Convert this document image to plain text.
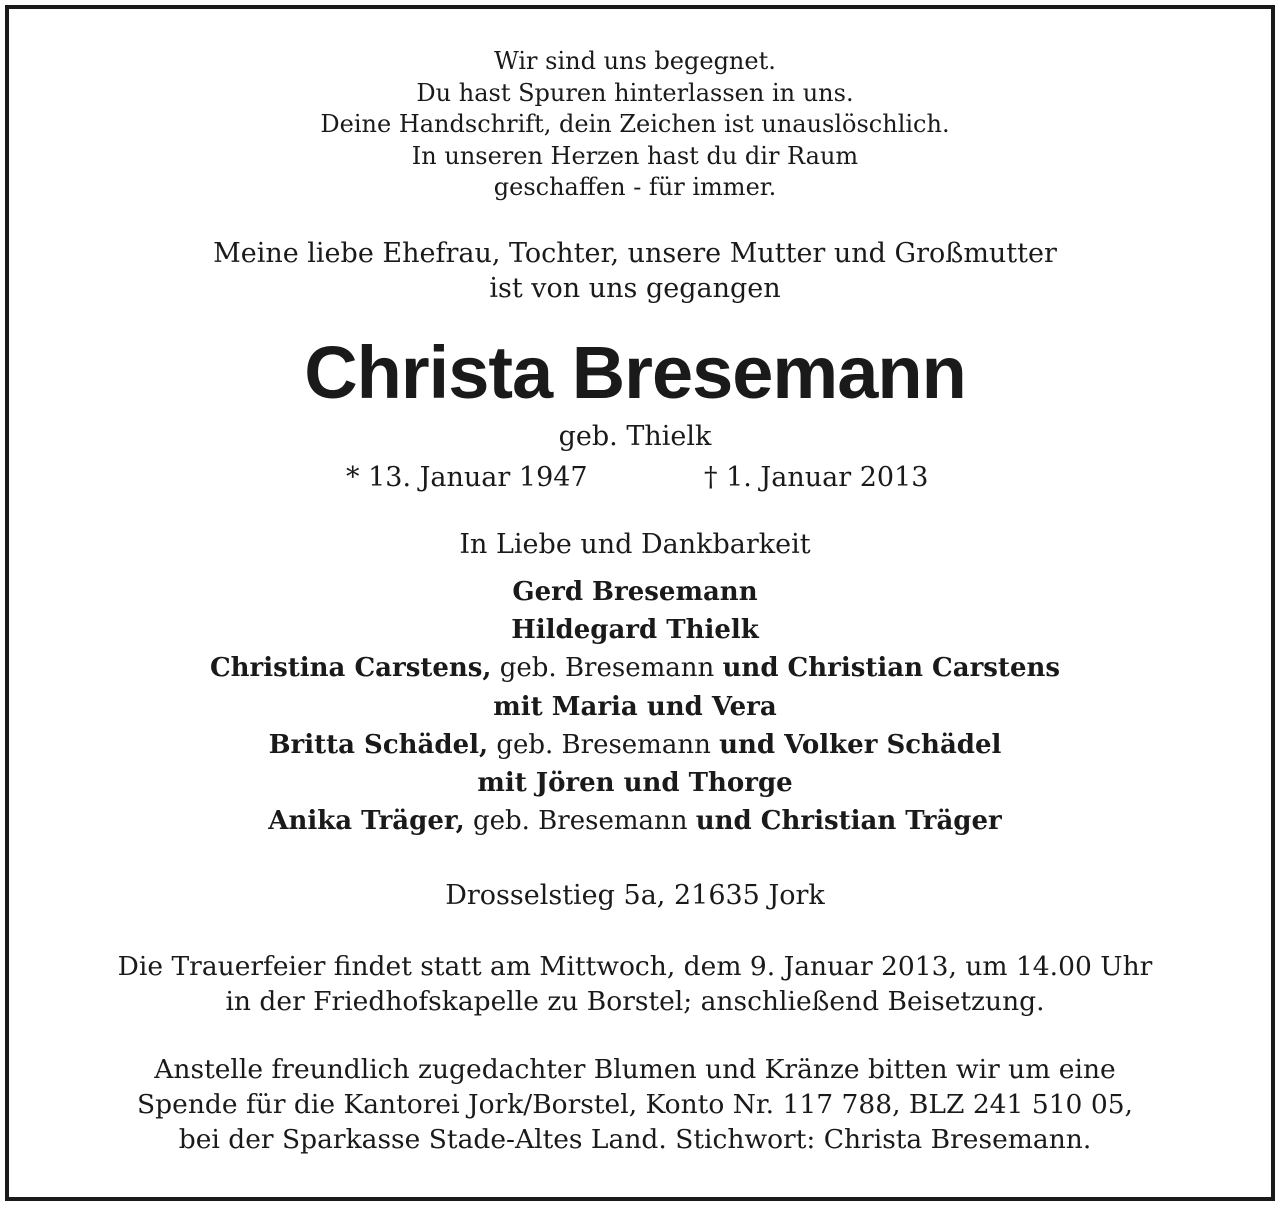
Wir sind uns begegnet.
Du hast Spuren hinterlassen in uns.
Deine Handschrift, dein Zeichen ist unauslöschlich.
In unseren Herzen hast du dir Raum
geschaffen - für immer.
Meine liebe Ehefrau, Tochter, unsere Mutter und Großmutter
ist von uns gegangen
Christa Bresemann
geb. Thielk
* 13. Januar 1947	† 1. Januar 2013
In Liebe und Dankbarkeit
Gerd Bresemann
Hildegard Thielk
Christina Carstens, geb. Bresemann und Christian Carstens
mit Maria und Vera
Britta Schädel, geb. Bresemann und Volker Schädel
mit Jören und Thorge
Anika Träger, geb. Bresemann und Christian Träger
Drosselstieg 5a, 21635 Jork
Die Trauerfeier findet statt am Mittwoch, dem 9. Januar 2013, um 14.00 Uhr
in der Friedhofskapelle zu Borstel; anschließend Beisetzung.
Anstelle freundlich zugedachter Blumen und Kränze bitten wir um eine
Spende für die Kantorei Jork/Borstel, Konto Nr. 117 788, BLZ 241 510 05,
bei der Sparkasse Stade-Altes Land. Stichwort: Christa Bresemann.
